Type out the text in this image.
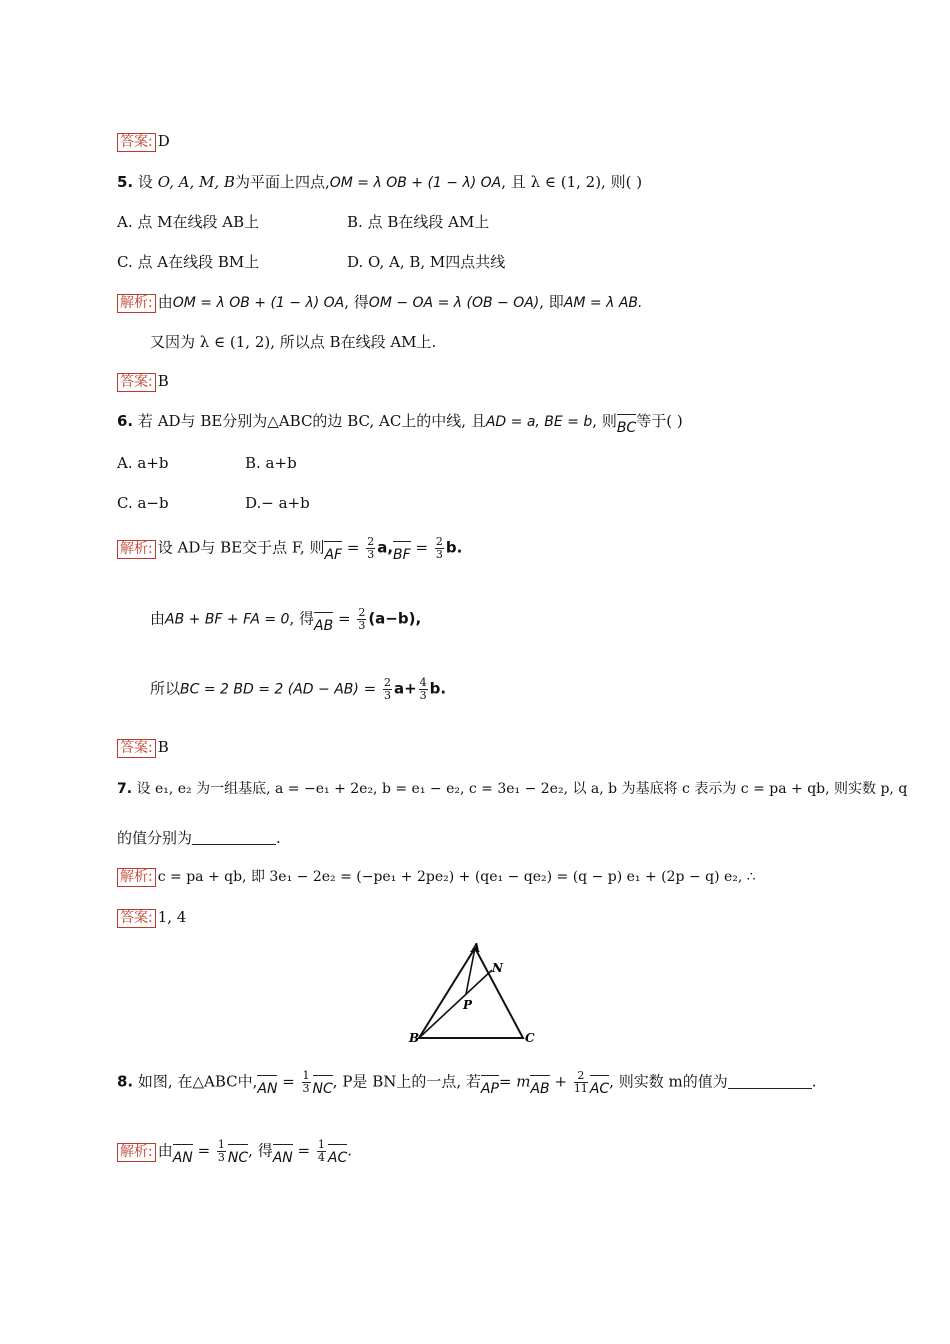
答案: D
5. 设 O, A, M, B为平面上四点,OM = λ OB + (1 − λ) OA, 且 λ ∈ (1, 2), 则( )
A. 点 M在线段 AB上	B. 点 B在线段 AM上
C. 点 A在线段 BM上	D. O, A, B, M四点共线
解析: 由OM = λ OB + (1 − λ) OA, 得OM − OA = λ (OB − OA), 即AM = λ AB.
又因为 λ ∈ (1, 2), 所以点 B在线段 AM上.
答案: B
6. 若 AD与 BE分别为△ABC的边 BC, AC上的中线, 且AD = a, BE = b, 则BC等于( )
A. a+b	B. a+b
C. a−b	D.− a+b
解析: 设 AD与 BE交于点 F, 则AF = $\frac{2}{3} a,BF = \frac{2}{3} b$.
由AB + BF + FA = 0, 得AB = $\frac{2}{3} (a-b)$,
所以BC = 2 BD = 2 $(AD - AB) = \frac{2}{3} a+ \frac{4}{3} b$.
答案: B
7. 设 e₁, e₂ 为一组基底, a = −e₁ + 2e₂, b = e₁ − e₂, c = 3e₁ − 2e₂, 以 a, b 为基底将 c 表示为 c = pa + qb, 则实数 p, q
的值分别为	.
解析: c = pa + qb, 即 3e₁ − 2e₂ = (−pe₁ + 2pe₂) + (qe₁ − qe₂) = (q − p) e₁ + (2p − q) e₂, ∴
答案: 1, 4
A
N
P
B	C
8. 如图, 在△ABC中$,AN = \frac{1}{3}$ NC, P是 BN上的一点, 若AP= mAB + $\frac{2}{11}$ AC, 则实数 m的值为	.
解析: 由AN = $\frac{1}{3}$ NC, 得AN = $\frac{1}{4}$ AC.
